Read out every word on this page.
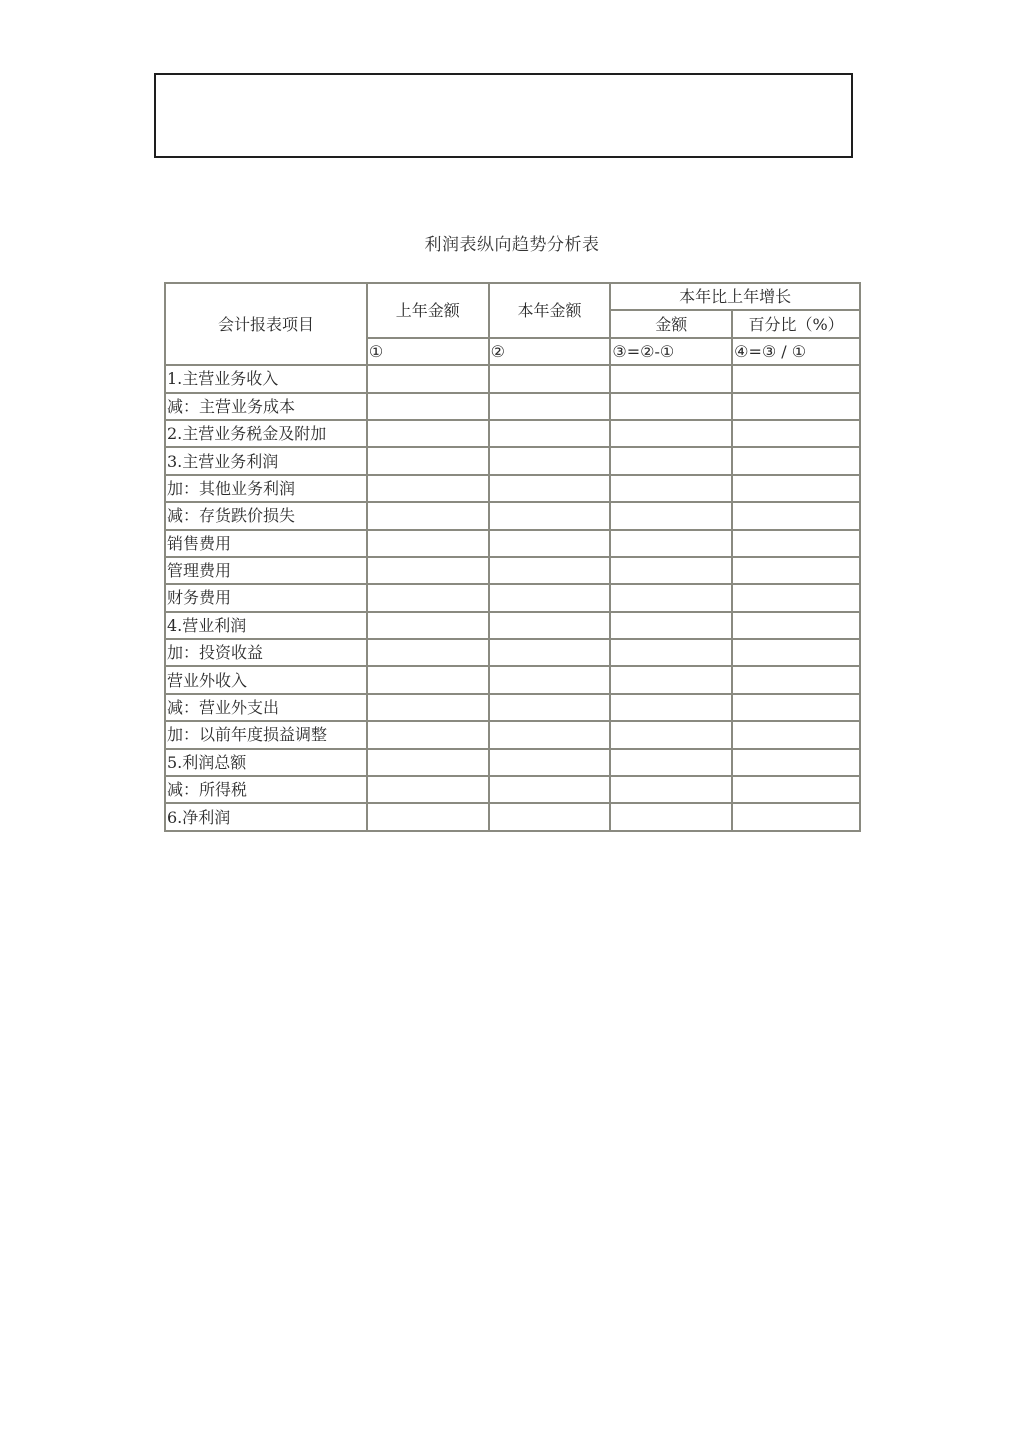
利润表纵向趋势分析表
会计报表项目	上年金额	本年金额	本年比上年增长	
			金额	百分比（%）
	①	②	③=②-①	④=③ / ①
1.主营业务收入				
减：主营业务成本				
2.主营业务税金及附加				
3.主营业务利润				
加：其他业务利润				
减：存货跌价损失				
销售费用				
管理费用				
财务费用				
4.营业利润				
加：投资收益				
营业外收入				
减：营业外支出				
加：以前年度损益调整				
5.利润总额				
减：所得税				
6.净利润				
